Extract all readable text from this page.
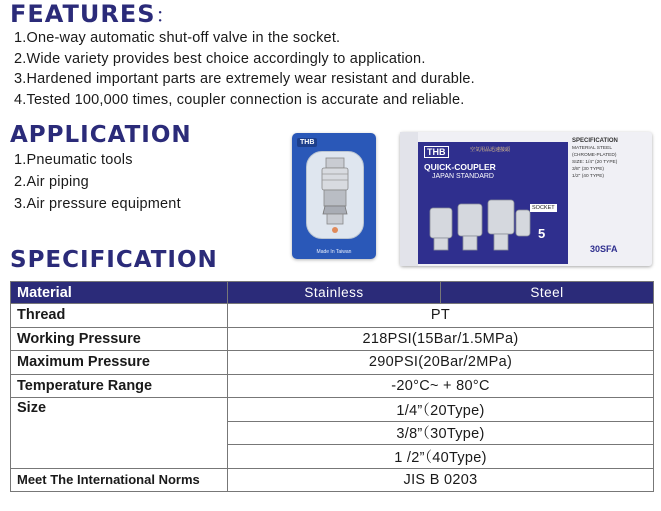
FEATURES：
1.One-way automatic shut-off valve in the socket.
2.Wide variety provides best choice accordingly to application.
3.Hardened important parts are extremely wear resistant and durable.
4.Tested 100,000 times, coupler connection is accurate and reliable.
APPLICATION
1.Pneumatic tools
2.Air piping
3.Air pressure equipment
THB
Made In Taiwan
THB	空気用品迅速接頭
QUICK-COUPLER
JAPAN STANDARD
SOCKET
5
SPECIFICATION
MATERIAL STEEL
(CHROME-PLATED)
SIZE: 1/4" (20 TYPE)
3/8" (30 TYPE)
1/2" (40 TYPE)
30SFA
SPECIFICATION
Material	Stainless	Steel
Thread	PT	
Working Pressure	218PSI(15Bar/1.5MPa)	
Maximum Pressure	290PSI(20Bar/2MPa)	
Temperature Range	-20°C~ + 80°C	
Size	1/4”（20Type)	
	3/8”（30Type)	
	1 /2”（40Type)	
Meet The International Norms	JIS B 0203	
